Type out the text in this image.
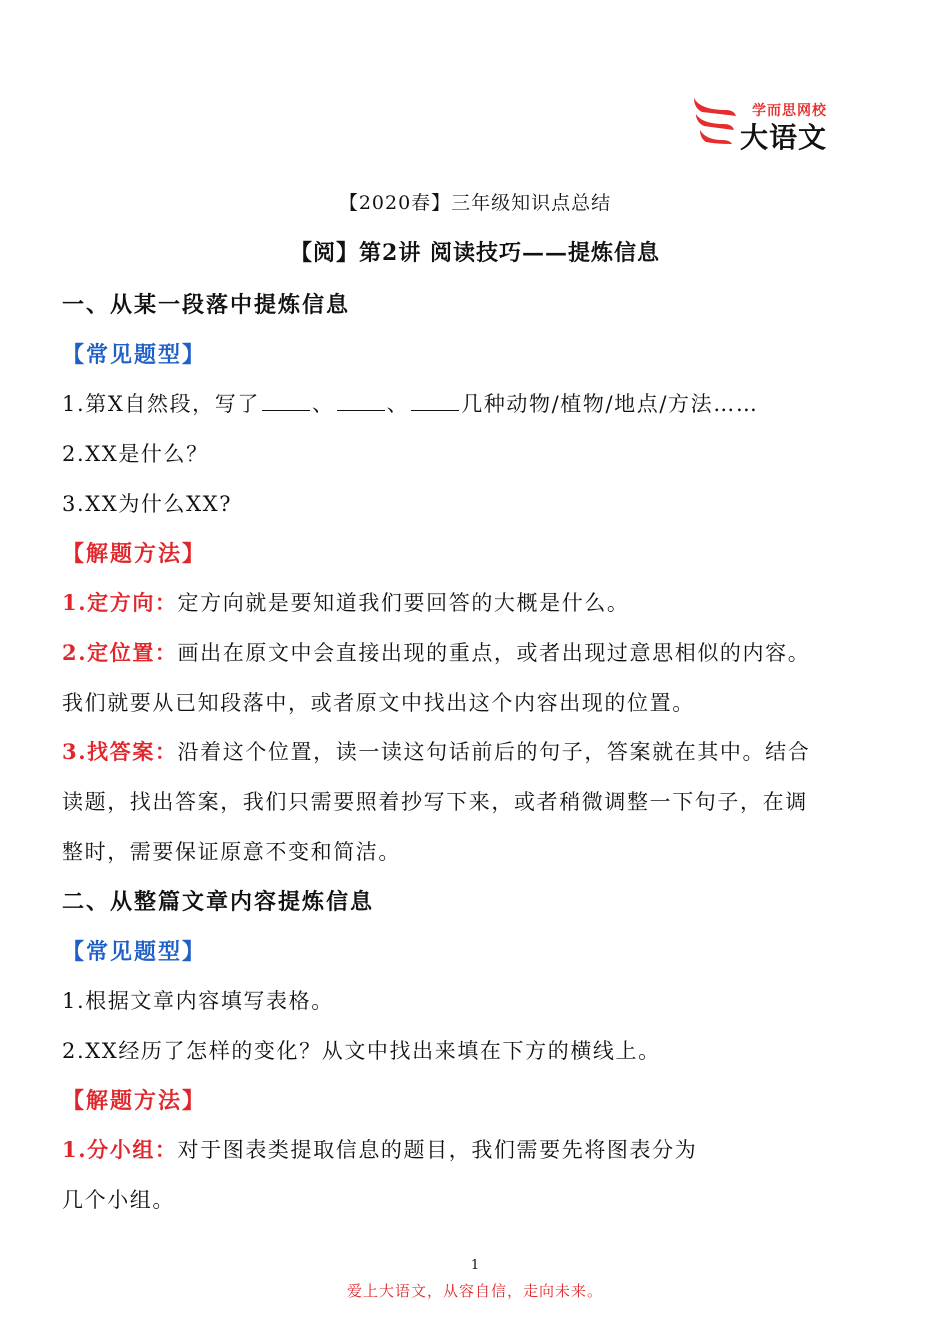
学而思网校
大语文
【2020春】三年级知识点总结
【阅】第2讲 阅读技巧——提炼信息
一、从某一段落中提炼信息
【常见题型】
1.第X自然段，写了 、 、 几种动物/植物/地点/方法……
2.XX是什么？
3.XX为什么XX?
【解题方法】
1.定方向：定方向就是要知道我们要回答的大概是什么。
2.定位置：画出在原文中会直接出现的重点，或者出现过意思相似的内容。
我们就要从已知段落中，或者原文中找出这个内容出现的位置。
3.找答案：沿着这个位置，读一读这句话前后的句子，答案就在其中。结合
读题，找出答案，我们只需要照着抄写下来，或者稍微调整一下句子，在调
整时，需要保证原意不变和简洁。
二、从整篇文章内容提炼信息
【常见题型】
1.根据文章内容填写表格。
2.XX经历了怎样的变化？从文中找出来填在下方的横线上。
【解题方法】
1.分小组：对于图表类提取信息的题目，我们需要先将图表分为
几个小组。
1
爱上大语文，从容自信，走向未来。
